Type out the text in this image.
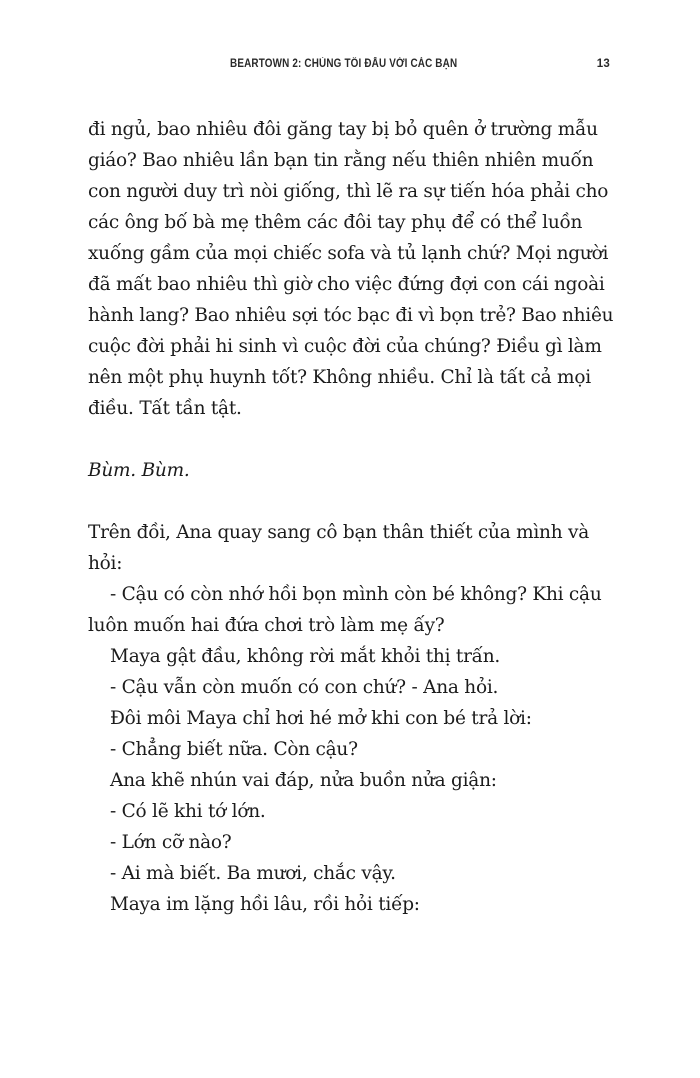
BEARTOWN 2: CHÚNG TÔI ĐẤU VỚI CÁC BẠN	13

đi ngủ, bao nhiêu đôi găng tay bị bỏ quên ở trường mẫu
giáo? Bao nhiêu lần bạn tin rằng nếu thiên nhiên muốn
con người duy trì nòi giống, thì lẽ ra sự tiến hóa phải cho
các ông bố bà mẹ thêm các đôi tay phụ để có thể luồn
xuống gầm của mọi chiếc sofa và tủ lạnh chứ? Mọi người
đã mất bao nhiêu thì giờ cho việc đứng đợi con cái ngoài
hành lang? Bao nhiêu sợi tóc bạc đi vì bọn trẻ? Bao nhiêu
cuộc đời phải hi sinh vì cuộc đời của chúng? Điều gì làm
nên một phụ huynh tốt? Không nhiều. Chỉ là tất cả mọi
điều. Tất tần tật.

Bùm. Bùm.

Trên đồi, Ana quay sang cô bạn thân thiết của mình và
hỏi:

- Cậu có còn nhớ hồi bọn mình còn bé không? Khi cậu
luôn muốn hai đứa chơi trò làm mẹ ấy?
Maya gật đầu, không rời mắt khỏi thị trấn.
- Cậu vẫn còn muốn có con chứ? - Ana hỏi.
Đôi môi Maya chỉ hơi hé mở khi con bé trả lời:
- Chẳng biết nữa. Còn cậu?
Ana khẽ nhún vai đáp, nửa buồn nửa giận:
- Có lẽ khi tớ lớn.
- Lớn cỡ nào?
- Ai mà biết. Ba mươi, chắc vậy.
Maya im lặng hồi lâu, rồi hỏi tiếp:
